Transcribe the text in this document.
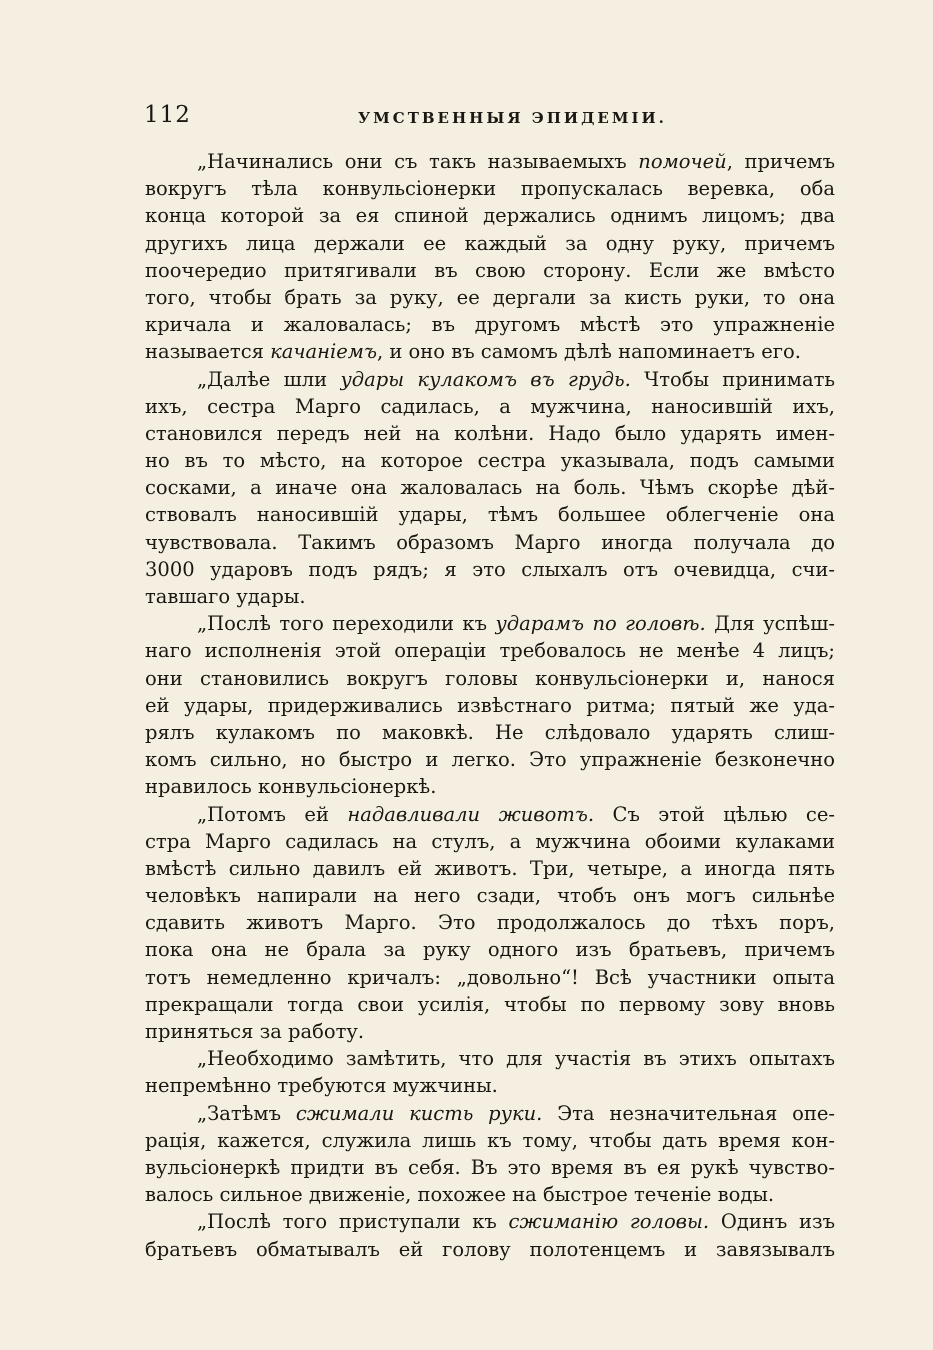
112	УМСТВЕННЫЯ ЭПИДЕМІИ.
„Начинались они съ такъ называемыхъ помочей, причемъ
вокругъ тѣла конвульсіонерки пропускалась веревка, оба
конца которой за ея спиной держались однимъ лицомъ; два
другихъ лица держали ее каждый за одну руку, причемъ
поочередио притягивали въ свою сторону. Если же вмѣсто
того, чтобы брать за руку, ее дергали за кисть руки, то она
кричала и жаловалась; въ другомъ мѣстѣ это упражненіе
называется качаніемъ, и оно въ самомъ дѣлѣ напоминаетъ его.
„Далѣе шли удары кулакомъ въ грудь. Чтобы принимать
ихъ, сестра Марго садилась, а мужчина, наносившій ихъ,
становился передъ ней на колѣни. Надо было ударять имен-
но въ то мѣсто, на которое сестра указывала, подъ самыми
сосками, а иначе она жаловалась на боль. Чѣмъ скорѣе дѣй-
ствовалъ наносившій удары, тѣмъ большее облегченіе она
чувствовала. Такимъ образомъ Марго иногда получала до
3000 ударовъ подъ рядъ; я это слыхалъ отъ очевидца, счи-
тавшаго удары.
„Послѣ того переходили къ ударамъ по головѣ. Для успѣш-
наго исполненія этой операціи требовалось не менѣе 4 лицъ;
они становились вокругъ головы конвульсіонерки и, нанося
ей удары, придерживались извѣстнаго ритма; пятый же уда-
рялъ кулакомъ по маковкѣ. Не слѣдовало ударять слиш-
комъ сильно, но быстро и легко. Это упражненіе безконечно
нравилось конвульсіонеркѣ.
„Потомъ ей надавливали животъ. Съ этой цѣлью се-
стра Марго садилась на стулъ, а мужчина обоими кулаками
вмѣстѣ сильно давилъ ей животъ. Три, четыре, а иногда пять
человѣкъ напирали на него сзади, чтобъ онъ могъ сильнѣе
сдавить животъ Марго. Это продолжалось до тѣхъ поръ,
пока она не брала за руку одного изъ братьевъ, причемъ
тотъ немедленно кричалъ: „довольно“! Всѣ участники опыта
прекращали тогда свои усилія, чтобы по первому зову вновь
приняться за работу.
„Необходимо замѣтить, что для участія въ этихъ опытахъ
непремѣнно требуются мужчины.
„Затѣмъ сжимали кисть руки. Эта незначительная опе-
рація, кажется, служила лишь къ тому, чтобы дать время кон-
вульсіонеркѣ придти въ себя. Въ это время въ ея рукѣ чувство-
валось сильное движеніе, похожее на быстрое теченіе воды.
„Послѣ того приступали къ сжиманію головы. Одинъ изъ
братьевъ обматывалъ ей голову полотенцемъ и завязывалъ
